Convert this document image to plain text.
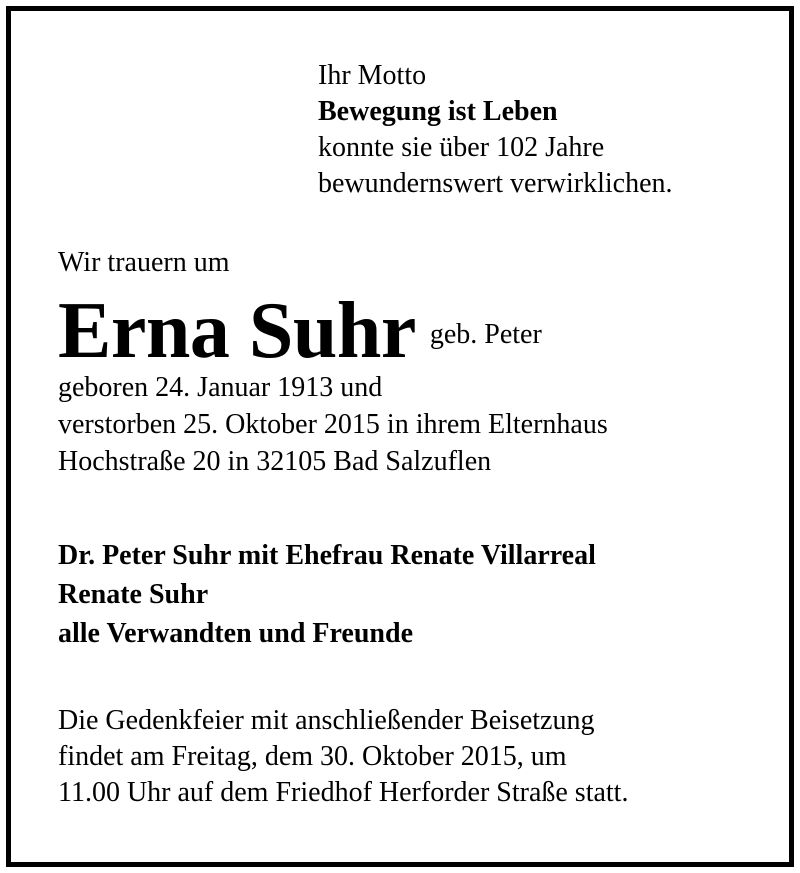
Ihr Motto
Bewegung ist Leben
konnte sie über 102 Jahre
bewundernswert verwirklichen.
Wir trauern um
Erna Suhr geb. Peter
geboren 24. Januar 1913 und
verstorben 25. Oktober 2015 in ihrem Elternhaus
Hochstraße 20 in 32105 Bad Salzuflen
Dr. Peter Suhr mit Ehefrau Renate Villarreal
Renate Suhr
alle Verwandten und Freunde
Die Gedenkfeier mit anschließender Beisetzung
findet am Freitag, dem 30. Oktober 2015, um
11.00 Uhr auf dem Friedhof Herforder Straße statt.
